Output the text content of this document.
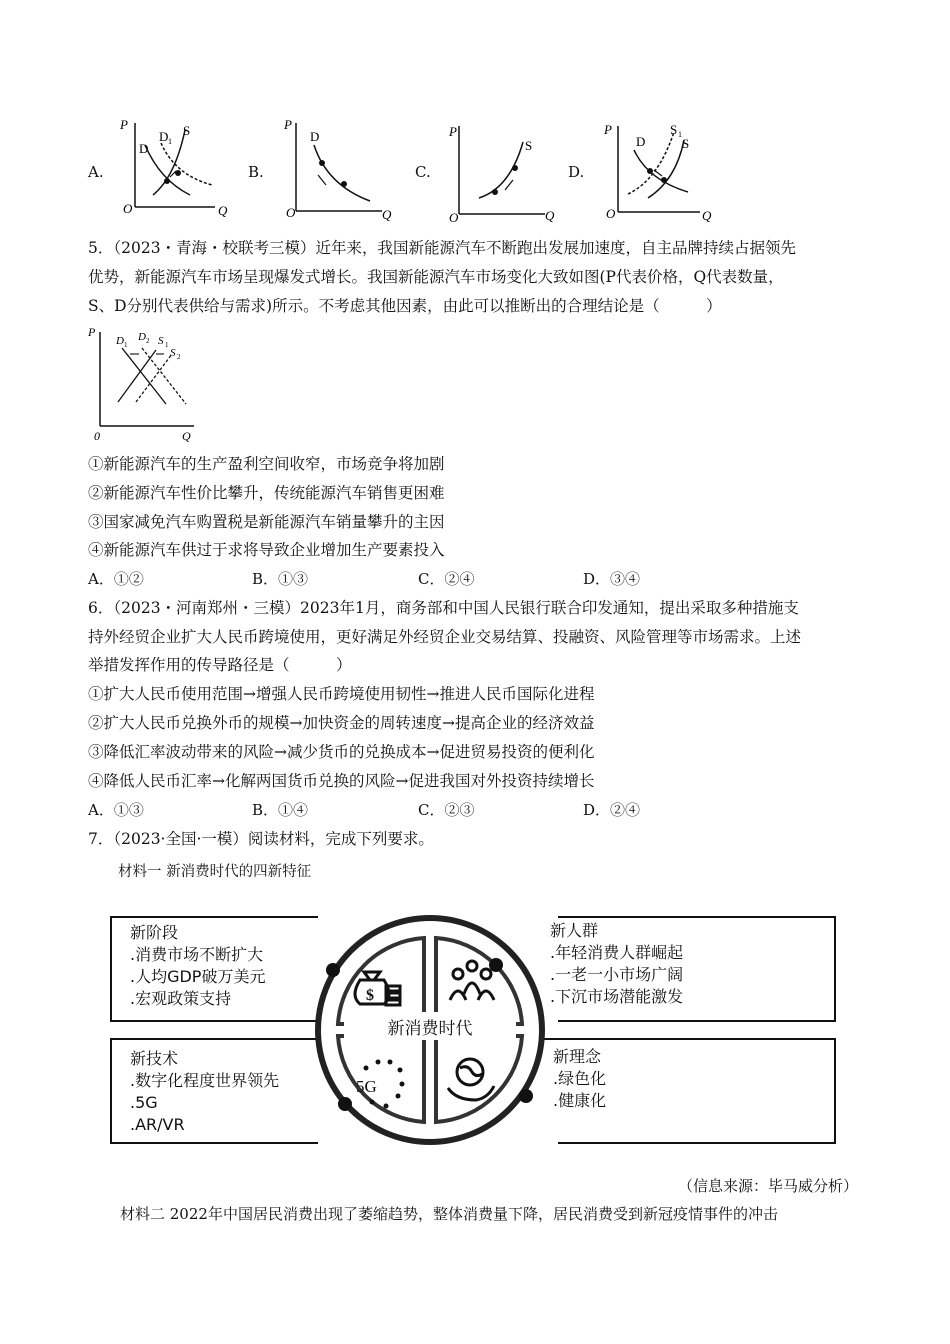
A.	B.	C.	D.
P
Q
O
D
D 1
S	P
Q
O
D	P
Q
O
S
P
Q
O
D
S 1
S
5．（2023・青海・校联考三模）近年来，我国新能源汽车不断跑出发展加速度，自主品牌持续占据领先
优势，新能源汽车市场呈现爆发式增长。我国新能源汽车市场变化大致如图(P代表价格，Q代表数量，
S、D分别代表供给与需求)所示。不考虑其他因素，由此可以推断出的合理结论是（　　　）
P
Q
0
D 1
D 2 S 1
S 2
①新能源汽车的生产盈利空间收窄，市场竞争将加剧
②新能源汽车性价比攀升，传统能源汽车销售更困难
③国家减免汽车购置税是新能源汽车销量攀升的主因
④新能源汽车供过于求将导致企业增加生产要素投入
A．①②	B．①③	C．②④	D．③④
6．（2023・河南郑州・三模）2023年1月，商务部和中国人民银行联合印发通知，提出采取多种措施支
持外经贸企业扩大人民币跨境使用，更好满足外经贸企业交易结算、投融资、风险管理等市场需求。上述
举措发挥作用的传导路径是（　　　）
①扩大人民币使用范围→增强人民币跨境使用韧性→推进人民币国际化进程
②扩大人民币兑换外币的规模→加快资金的周转速度→提高企业的经济效益
③降低汇率波动带来的风险→减少货币的兑换成本→促进贸易投资的便利化
④降低人民币汇率→化解两国货币兑换的风险→促进我国对外投资持续增长
A．①③	B．①④	C．②③	D．②④
7．（2023·全国·一模）阅读材料，完成下列要求。
材料一 新消费时代的四新特征
$
5G
新消费时代
新阶段
.消费市场不断扩大
.人均GDP破万美元
.宏观政策支持
新人群
.年轻消费人群崛起
.一老一小市场广阔
.下沉市场潜能激发
新技术
.数字化程度世界领先
.5G
.AR/VR
新理念
.绿色化
.健康化
（信息来源：毕马威分析）
材料二 2022年中国居民消费出现了萎缩趋势，整体消费量下降，居民消费受到新冠疫情事件的冲击
